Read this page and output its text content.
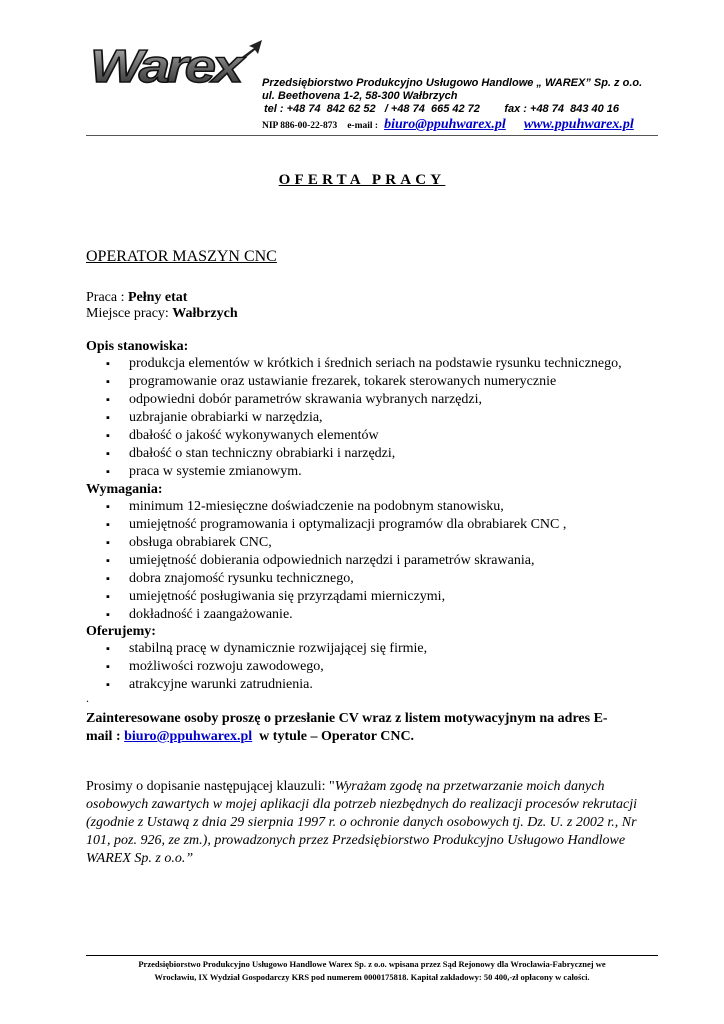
Warex Przedsiębiorstwo Produkcyjno Usługowo Handlowe „ WAREX” Sp. z o.o.
ul. Beethovena 1-2, 58-300 Wałbrzych
tel : +48 74  842 62 52   / +48 74  665 42 72        fax : +48 74  843 40 16
NIP 886-00-22-873 e-mail : biuro@ppuhwarex.pl www.ppuhwarex.pl
OFERTA PRACY
OPERATOR MASZYN CNC
Praca : Pełny etat
Miejsce pracy: Wałbrzych
Opis stanowiska:
▪ produkcja elementów w krótkich i średnich seriach na podstawie rysunku technicznego,
▪ programowanie oraz ustawianie frezarek, tokarek sterowanych numerycznie
▪ odpowiedni dobór parametrów skrawania wybranych narzędzi,
▪ uzbrajanie obrabiarki w narzędzia,
▪ dbałość o jakość wykonywanych elementów
▪ dbałość o stan techniczny obrabiarki i narzędzi,
▪ praca w systemie zmianowym.
Wymagania:
▪ minimum 12-miesięczne doświadczenie na podobnym stanowisku,
▪ umiejętność programowania i optymalizacji programów dla obrabiarek CNC ,
▪ obsługa obrabiarek CNC,
▪ umiejętność dobierania odpowiednich narzędzi i parametrów skrawania,
▪ dobra znajomość rysunku technicznego,
▪ umiejętność posługiwania się przyrządami mierniczymi,
▪ dokładność i zaangażowanie.
Oferujemy:
▪ stabilną pracę w dynamicznie rozwijającej się firmie,
▪ możliwości rozwoju zawodowego,
▪ atrakcyjne warunki zatrudnienia.
.
Zainteresowane osoby proszę o przesłanie CV wraz z listem motywacyjnym na adres E-
mail : biuro@ppuhwarex.pl  w tytule – Operator CNC.
Prosimy o dopisanie następującej klauzuli: "Wyrażam zgodę na przetwarzanie moich danych osobowych zawartych w mojej aplikacji dla potrzeb niezbędnych do realizacji procesów rekrutacji (zgodnie z Ustawą z dnia 29 sierpnia 1997 r. o ochronie danych osobowych tj. Dz. U. z 2002 r., Nr 101, poz. 926, ze zm.), prowadzonych przez Przedsiębiorstwo Produkcyjno Usługowo Handlowe WAREX Sp. z o.o.”
Przedsiębiorstwo Produkcyjno Usługowo Handlowe Warex Sp. z o.o. wpisana przez Sąd Rejonowy dla Wrocławia-Fabrycznej we
Wrocławiu, IX Wydział Gospodarczy KRS pod numerem 0000175818. Kapitał zakładowy: 50 400,-zł opłacony w całości.
